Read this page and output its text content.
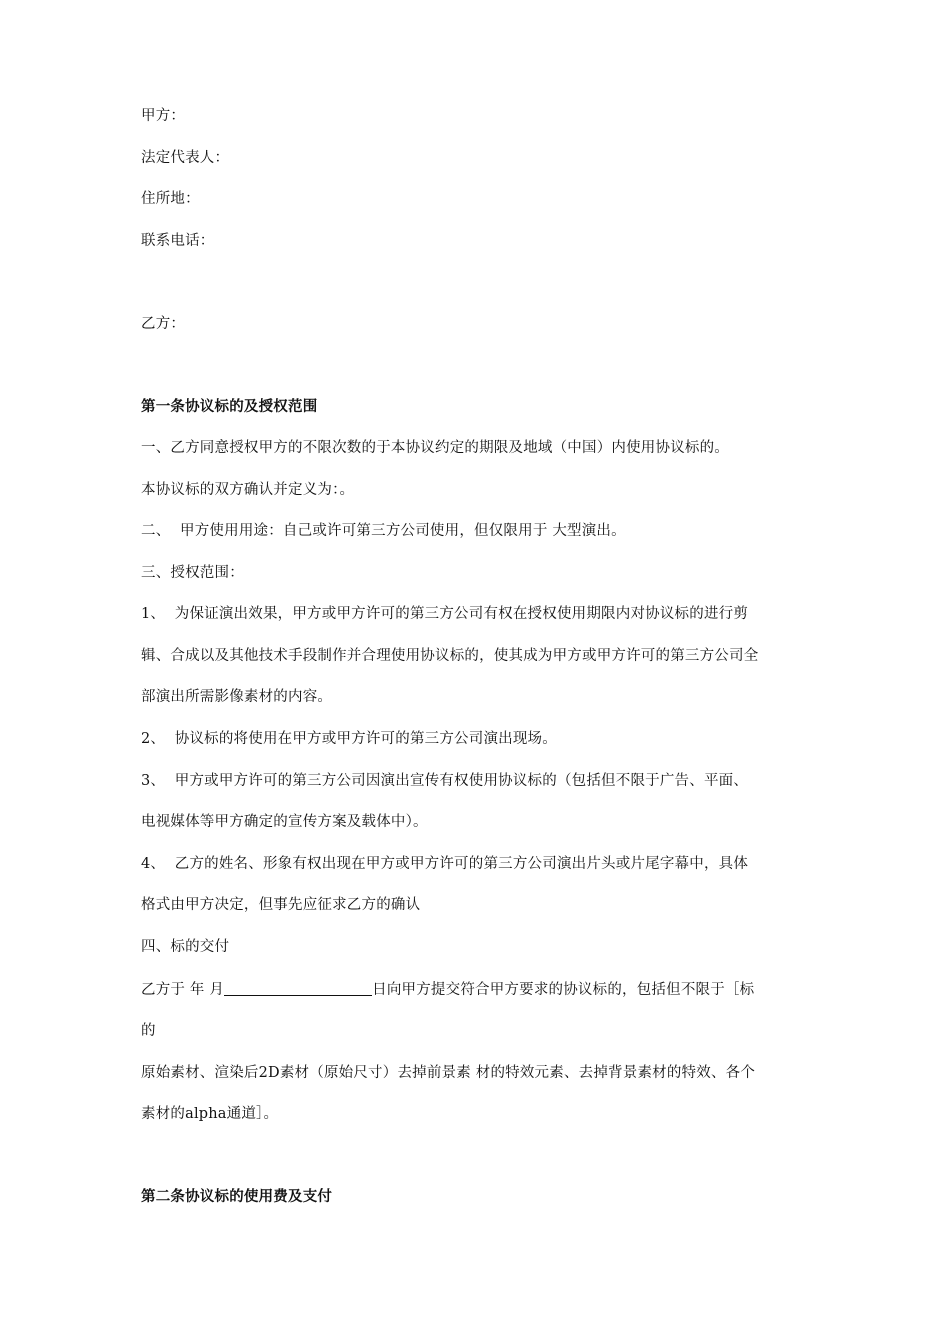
甲方：
法定代表人：
住所地：
联系电话：
乙方：
第一条协议标的及授权范围
一、乙方同意授权甲方的不限次数的于本协议约定的期限及地域（中国）内使用协议标的。
本协议标的双方确认并定义为：。
二、  甲方使用用途：自己或许可第三方公司使用，但仅限用于 大型演出。
三、授权范围：
1、  为保证演出效果，甲方或甲方许可的第三方公司有权在授权使用期限内对协议标的进行剪
辑、合成以及其他技术手段制作并合理使用协议标的，使其成为甲方或甲方许可的第三方公司全
部演出所需影像素材的内容。
2、  协议标的将使用在甲方或甲方许可的第三方公司演出现场。
3、  甲方或甲方许可的第三方公司因演出宣传有权使用协议标的（包括但不限于广告、平面、
电视媒体等甲方确定的宣传方案及载体中）。
4、  乙方的姓名、形象有权出现在甲方或甲方许可的第三方公司演出片头或片尾字幕中，具体
格式由甲方决定，但事先应征求乙方的确认
四、标的交付
乙方于 年 月	日向甲方提交符合甲方要求的协议标的，包括但不限于［标
的
原始素材、渲染后2D素材（原始尺寸）去掉前景素 材的特效元素、去掉背景素材的特效、各个
素材的alpha通道］。
第二条协议标的使用费及支付
